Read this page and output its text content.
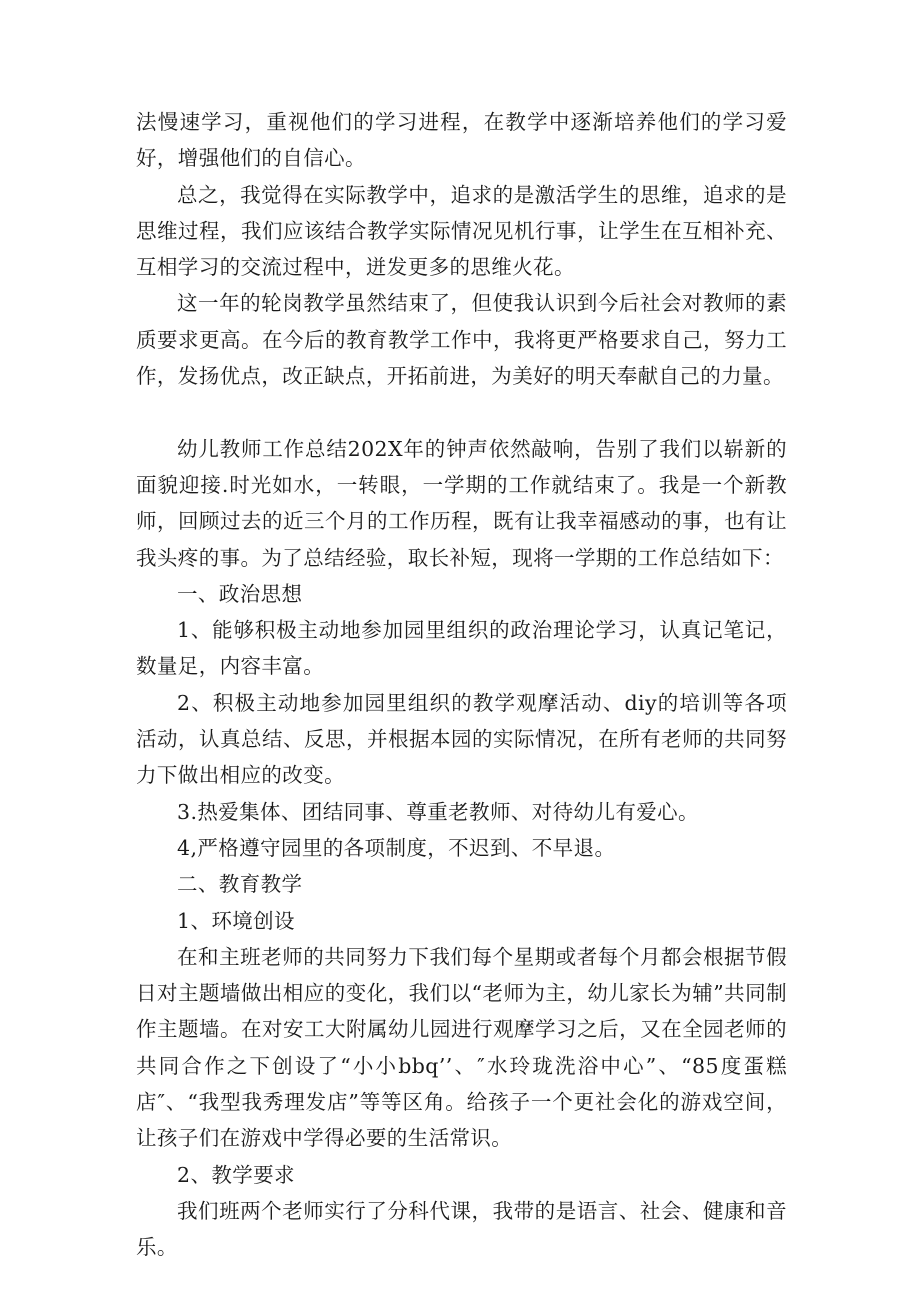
法慢速学习，重视他们的学习进程，在教学中逐渐培养他们的学习爱好，增强他们的自信心。

总之，我觉得在实际教学中，追求的是激活学生的思维，追求的是思维过程，我们应该结合教学实际情况见机行事，让学生在互相补充、互相学习的交流过程中，迸发更多的思维火花。

这一年的轮岗教学虽然结束了，但使我认识到今后社会对教师的素质要求更高。在今后的教育教学工作中，我将更严格要求自己，努力工作，发扬优点，改正缺点，开拓前进，为美好的明天奉献自己的力量。

幼儿教师工作总结202X年的钟声依然敲响，告别了我们以崭新的面貌迎接.时光如水，一转眼，一学期的工作就结束了。我是一个新教师，回顾过去的近三个月的工作历程，既有让我幸福感动的事，也有让我头疼的事。为了总结经验，取长补短，现将一学期的工作总结如下：

一、政治思想

1、能够积极主动地参加园里组织的政治理论学习，认真记笔记，数量足，内容丰富。

2、积极主动地参加园里组织的教学观摩活动、diy的培训等各项活动，认真总结、反思，并根据本园的实际情况，在所有老师的共同努力下做出相应的改变。

3.热爱集体、团结同事、尊重老教师、对待幼儿有爱心。

4,严格遵守园里的各项制度，不迟到、不早退。

二、教育教学

1、环境创设

在和主班老师的共同努力下我们每个星期或者每个月都会根据节假日对主题墙做出相应的变化，我们以“老师为主，幼儿家长为辅”共同制作主题墙。在对安工大附属幼儿园进行观摩学习之后，又在全园老师的共同合作之下创设了“小小bbq’’、″水玲珑洗浴中心”、“85度蛋糕店″、“我型我秀理发店”等等区角。给孩子一个更社会化的游戏空间，让孩子们在游戏中学得必要的生活常识。

2、教学要求

我们班两个老师实行了分科代课，我带的是语言、社会、健康和音乐。
